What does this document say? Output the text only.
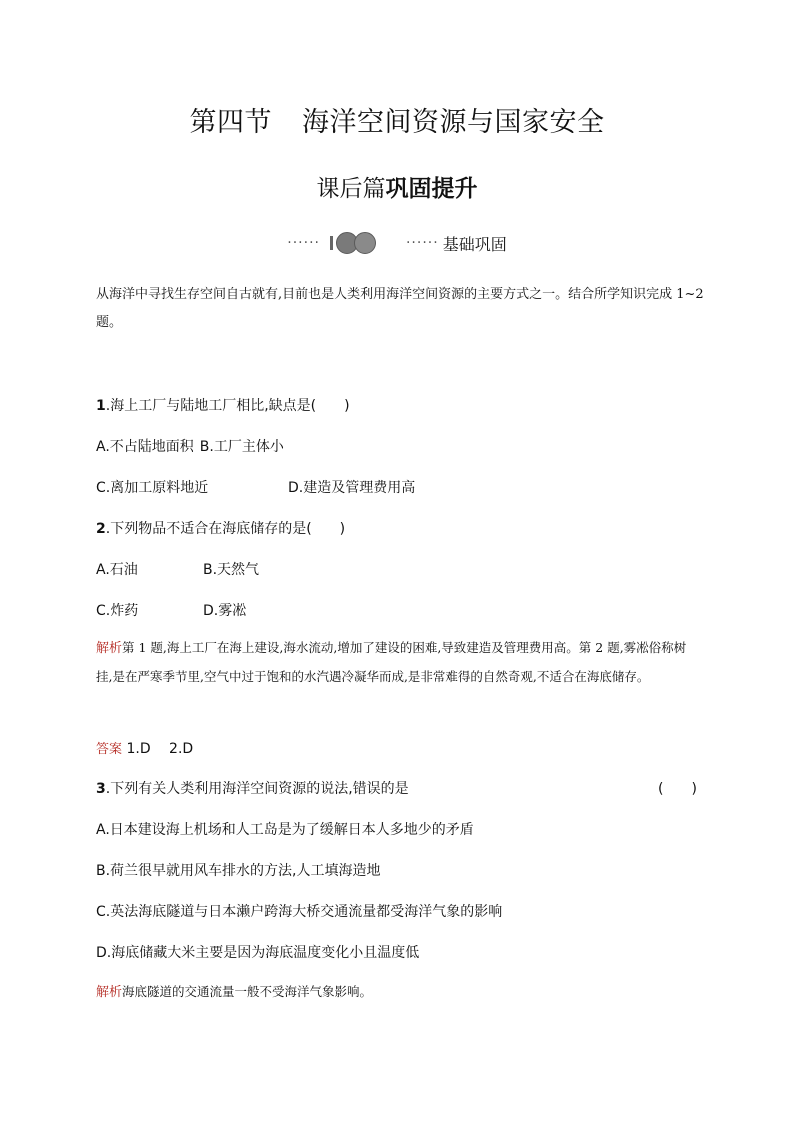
第四节 海洋空间资源与国家安全
课后篇巩固提升
······	······ 基础巩固
从海洋中寻找生存空间自古就有,目前也是人类利用海洋空间资源的主要方式之一。结合所学知识完成 1~2 题。
1.海上工厂与陆地工厂相比,缺点是(　　)
A.不占陆地面积 B.工厂主体小
C.离加工原料地近	D.建造及管理费用高
2.下列物品不适合在海底储存的是(　　)
A.石油	B.天然气
C.炸药	D.雾凇
解析第 1 题,海上工厂在海上建设,海水流动,增加了建设的困难,导致建造及管理费用高。第 2 题,雾凇俗称树挂,是在严寒季节里,空气中过于饱和的水汽遇冷凝华而成,是非常难得的自然奇观,不适合在海底储存。
答案 1.D　 2.D
3.下列有关人类利用海洋空间资源的说法,错误的是	(　　)
A.日本建设海上机场和人工岛是为了缓解日本人多地少的矛盾
B.荷兰很早就用风车排水的方法,人工填海造地
C.英法海底隧道与日本濑户跨海大桥交通流量都受海洋气象的影响
D.海底储藏大米主要是因为海底温度变化小且温度低
解析海底隧道的交通流量一般不受海洋气象影响。
